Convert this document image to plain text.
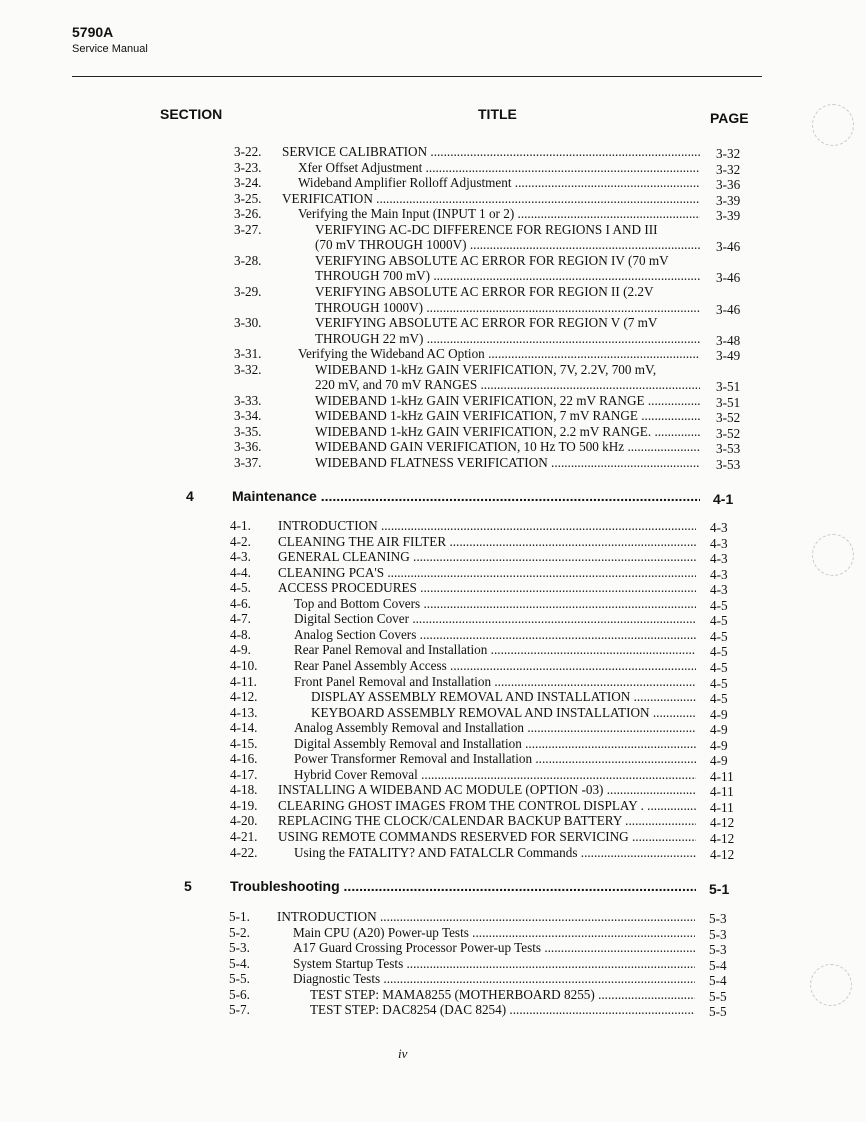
5790A
Service Manual
SECTION	TITLE	PAGE
3-22. SERVICE CALIBRATION .....	3-32
3-23.	Xfer Offset Adjustment .....	3-32
3-24.	Wideband Amplifier Rolloff Adjustment .....	3-36
3-25. VERIFICATION .....	3-39
3-26.	Verifying the Main Input (INPUT 1 or 2) .....	3-39
3-27.	VERIFYING AC-DC DIFFERENCE FOR REGIONS I AND III
(70 mV THROUGH 1000V) .....	3-46
3-28.	VERIFYING ABSOLUTE AC ERROR FOR REGION IV (70 mV
THROUGH 700 mV) .....	3-46
3-29.	VERIFYING ABSOLUTE AC ERROR FOR REGION II (2.2V
THROUGH 1000V) .....	3-46
3-30.	VERIFYING ABSOLUTE AC ERROR FOR REGION V (7 mV
THROUGH 22 mV) .....	3-48
3-31.	Verifying the Wideband AC Option .....	3-49
3-32.	WIDEBAND 1-kHz GAIN VERIFICATION, 7V, 2.2V, 700 mV,
220 mV, and 70 mV RANGES .....	3-51
3-33.	WIDEBAND 1-kHz GAIN VERIFICATION, 22 mV RANGE .....	3-51
3-34.	WIDEBAND 1-kHz GAIN VERIFICATION, 7 mV RANGE .....	3-52
3-35.	WIDEBAND 1-kHz GAIN VERIFICATION, 2.2 mV RANGE. .....	3-52
3-36.	WIDEBAND GAIN VERIFICATION, 10 Hz TO 500 kHz .....	3-53
3-37.	WIDEBAND FLATNESS VERIFICATION .....	3-53
4	Maintenance .....	4-1
4-1. INTRODUCTION .....	4-3
4-2. CLEANING THE AIR FILTER .....	4-3
4-3. GENERAL CLEANING .....	4-3
4-4. CLEANING PCA'S .....	4-3
4-5. ACCESS PROCEDURES .....	4-3
4-6.	Top and Bottom Covers .....	4-5
4-7.	Digital Section Cover .....	4-5
4-8.	Analog Section Covers .....	4-5
4-9.	Rear Panel Removal and Installation .....	4-5
4-10.	Rear Panel Assembly Access .....	4-5
4-11.	Front Panel Removal and Installation .....	4-5
4-12.	DISPLAY ASSEMBLY REMOVAL AND INSTALLATION .....	4-5
4-13.	KEYBOARD ASSEMBLY REMOVAL AND INSTALLATION .....	4-9
4-14.	Analog Assembly Removal and Installation .....	4-9
4-15.	Digital Assembly Removal and Installation .....	4-9
4-16.	Power Transformer Removal and Installation .....	4-9
4-17.	Hybrid Cover Removal .....	4-11
4-18. INSTALLING A WIDEBAND AC MODULE (OPTION -03) .....	4-11
4-19. CLEARING GHOST IMAGES FROM THE CONTROL DISPLAY . .....	4-11
4-20. REPLACING THE CLOCK/CALENDAR BACKUP BATTERY .....	4-12
4-21. USING REMOTE COMMANDS RESERVED FOR SERVICING .....	4-12
4-22.	Using the FATALITY? AND FATALCLR Commands .....	4-12
5	Troubleshooting .....	5-1
5-1. INTRODUCTION .....	5-3
5-2.	Main CPU (A20) Power-up Tests .....	5-3
5-3.	A17 Guard Crossing Processor Power-up Tests .....	5-3
5-4.	System Startup Tests .....	5-4
5-5.	Diagnostic Tests .....	5-4
5-6.	TEST STEP: MAMA8255 (MOTHERBOARD 8255) .....	5-5
5-7.	TEST STEP: DAC8254 (DAC 8254) .....	5-5
iv
